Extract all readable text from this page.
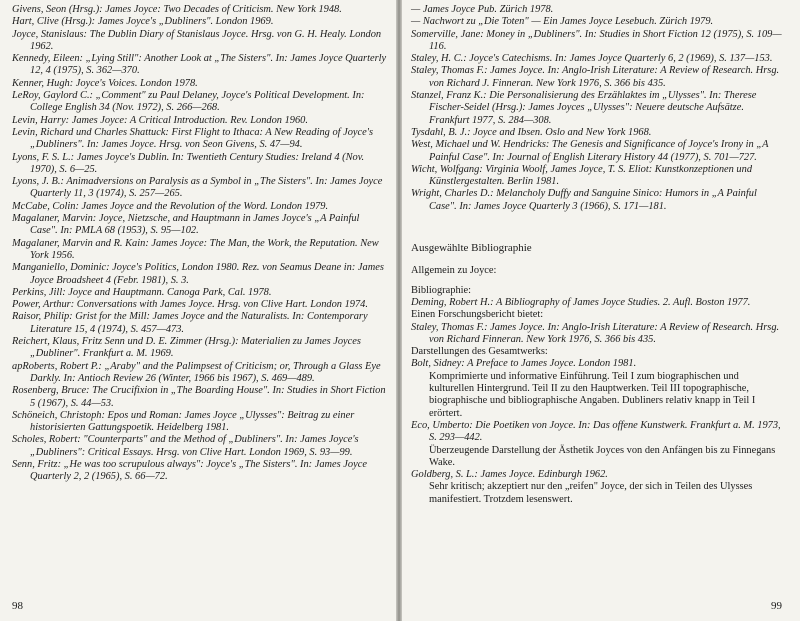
Givens, Seon (Hrsg.): James Joyce: Two Decades of Criticism. New York 1948.

Hart, Clive (Hrsg.): James Joyce's „Dubliners". London 1969.

Joyce, Stanislaus: The Dublin Diary of Stanislaus Joyce. Hrsg. von G. H. Healy. London 1962.

Kennedy, Eileen: „Lying Still": Another Look at „The Sisters". In: James Joyce Quarterly 12, 4 (1975), S. 362—370.

Kenner, Hugh: Joyce's Voices. London 1978.

LeRoy, Gaylord C.: „Comment" zu Paul Delaney, Joyce's Political Development. In: College English 34 (Nov. 1972), S. 266—268.

Levin, Harry: James Joyce: A Critical Introduction. Rev. London 1960.

Levin, Richard und Charles Shattuck: First Flight to Ithaca: A New Reading of Joyce's „Dubliners". In: James Joyce. Hrsg. von Seon Givens, S. 47—94.

Lyons, F. S. L.: James Joyce's Dublin. In: Twentieth Century Studies: Ireland 4 (Nov. 1970), S. 6—25.

Lyons, J. B.: Animadversions on Paralysis as a Symbol in „The Sisters". In: James Joyce Quarterly 11, 3 (1974), S. 257—265.

McCabe, Colin: James Joyce and the Revolution of the Word. London 1979.

Magalaner, Marvin: Joyce, Nietzsche, and Hauptmann in James Joyce's „A Painful Case". In: PMLA 68 (1953), S. 95—102.

Magalaner, Marvin and R. Kain: James Joyce: The Man, the Work, the Reputation. New York 1956.

Manganiello, Dominic: Joyce's Politics, London 1980. Rez. von Seamus Deane in: James Joyce Broadsheet 4 (Febr. 1981), S. 3.

Perkins, Jill: Joyce and Hauptmann. Canoga Park, Cal. 1978.

Power, Arthur: Conversations with James Joyce. Hrsg. von Clive Hart. London 1974.

Raisor, Philip: Grist for the Mill: James Joyce and the Naturalists. In: Contemporary Literature 15, 4 (1974), S. 457—473.

Reichert, Klaus, Fritz Senn und D. E. Zimmer (Hrsg.): Materialien zu James Joyces „Dubliner". Frankfurt a. M. 1969.

apRoberts, Robert P.: „Araby" and the Palimpsest of Criticism; or, Through a Glass Eye Darkly. In: Antioch Review 26 (Winter, 1966 bis 1967), S. 469—489.

Rosenberg, Bruce: The Crucifixion in „The Boarding House". In: Studies in Short Fiction 5 (1967), S. 44—53.

Schöneich, Christoph: Epos und Roman: James Joyce „Ulysses": Beitrag zu einer historisierten Gattungspoetik. Heidelberg 1981.

Scholes, Robert: "Counterparts" and the Method of „Dubliners". In: James Joyce's „Dubliners": Critical Essays. Hrsg. von Clive Hart. London 1969, S. 93—99.

Senn, Fritz: „He was too scrupulous always": Joyce's „The Sisters". In: James Joyce Quarterly 2, 2 (1965), S. 66—72.

98

— James Joyce Pub. Zürich 1978.

— Nachwort zu „Die Toten" — Ein James Joyce Lesebuch. Zürich 1979.

Somerville, Jane: Money in „Dubliners". In: Studies in Short Fiction 12 (1975), S. 109—116.

Staley, H. C.: Joyce's Catechisms. In: James Joyce Quarterly 6, 2 (1969), S. 137—153.

Staley, Thomas F.: James Joyce. In: Anglo-Irish Literature: A Review of Research. Hrsg. von Richard J. Finneran. New York 1976, S. 366 bis 435.

Stanzel, Franz K.: Die Personalisierung des Erzählaktes im „Ulysses". In: Therese Fischer-Seidel (Hrsg.): James Joyces „Ulysses": Neuere deutsche Aufsätze. Frankfurt 1977, S. 284—308.

Tysdahl, B. J.: Joyce and Ibsen. Oslo and New York 1968.

West, Michael und W. Hendricks: The Genesis and Significance of Joyce's Irony in „A Painful Case". In: Journal of English Literary History 44 (1977), S. 701—727.

Wicht, Wolfgang: Virginia Woolf, James Joyce, T. S. Eliot: Kunstkonzeptionen und Künstlergestalten. Berlin 1981.

Wright, Charles D.: Melancholy Duffy and Sanguine Sinico: Humors in „A Painful Case". In: James Joyce Quarterly 3 (1966), S. 171—181.

Ausgewählte Bibliographie

Allgemein zu Joyce:

Bibliographie:

Deming, Robert H.: A Bibliography of James Joyce Studies. 2. Aufl. Boston 1977.

Einen Forschungsbericht bietet:

Staley, Thomas F.: James Joyce. In: Anglo-Irish Literature: A Review of Research. Hrsg. von Richard Finneran. New York 1976, S. 366 bis 435.

Darstellungen des Gesamtwerks:

Bolt, Sidney: A Preface to James Joyce. London 1981.

Komprimierte und informative Einführung. Teil I zum biographischen und kulturellen Hintergrund. Teil II zu den Hauptwerken. Teil III topographische, biographische und bibliographische Angaben. Dubliners relativ knapp in Teil I erörtert.

Eco, Umberto: Die Poetiken von Joyce. In: Das offene Kunstwerk. Frankfurt a. M. 1973, S. 293—442.

Überzeugende Darstellung der Ästhetik Joyces von den Anfängen bis zu Finnegans Wake.

Goldberg, S. L.: James Joyce. Edinburgh 1962.

Sehr kritisch; akzeptiert nur den „reifen" Joyce, der sich in Teilen des Ulysses manifestiert. Trotzdem lesenswert.

99
